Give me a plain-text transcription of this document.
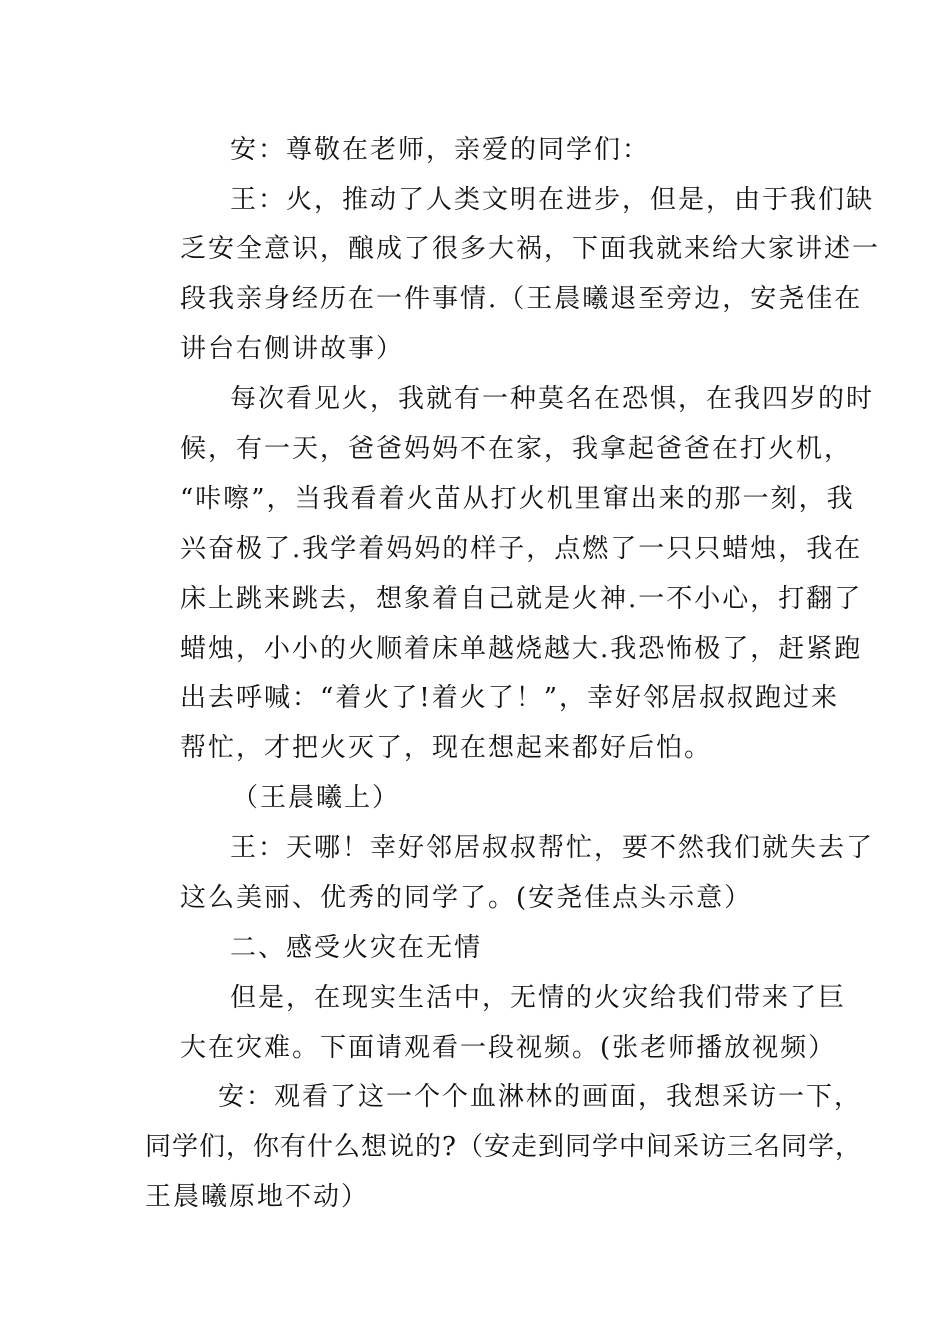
安：尊敬在老师，亲爱的同学们：
王：火，推动了人类文明在进步，但是，由于我们缺
乏安全意识，酿成了很多大祸，下面我就来给大家讲述一
段我亲身经历在一件事情.（王晨曦退至旁边，安尧佳在
讲台右侧讲故事）
每次看见火，我就有一种莫名在恐惧，在我四岁的时
候，有一天，爸爸妈妈不在家，我拿起爸爸在打火机，
“咔嚓”，当我看着火苗从打火机里窜出来的那一刻，我
兴奋极了.我学着妈妈的样子，点燃了一只只蜡烛，我在
床上跳来跳去，想象着自己就是火神.一不小心，打翻了
蜡烛，小小的火顺着床单越烧越大.我恐怖极了，赶紧跑
出去呼喊：“着火了!着火了！”，幸好邻居叔叔跑过来
帮忙，才把火灭了，现在想起来都好后怕。
（王晨曦上）
王：天哪！幸好邻居叔叔帮忙，要不然我们就失去了
这么美丽、优秀的同学了。(安尧佳点头示意）
二、感受火灾在无情
但是，在现实生活中，无情的火灾给我们带来了巨
大在灾难。下面请观看一段视频。(张老师播放视频）
安：观看了这一个个血淋林的画面，我想采访一下，
同学们，你有什么想说的?（安走到同学中间采访三名同学，
王晨曦原地不动）
